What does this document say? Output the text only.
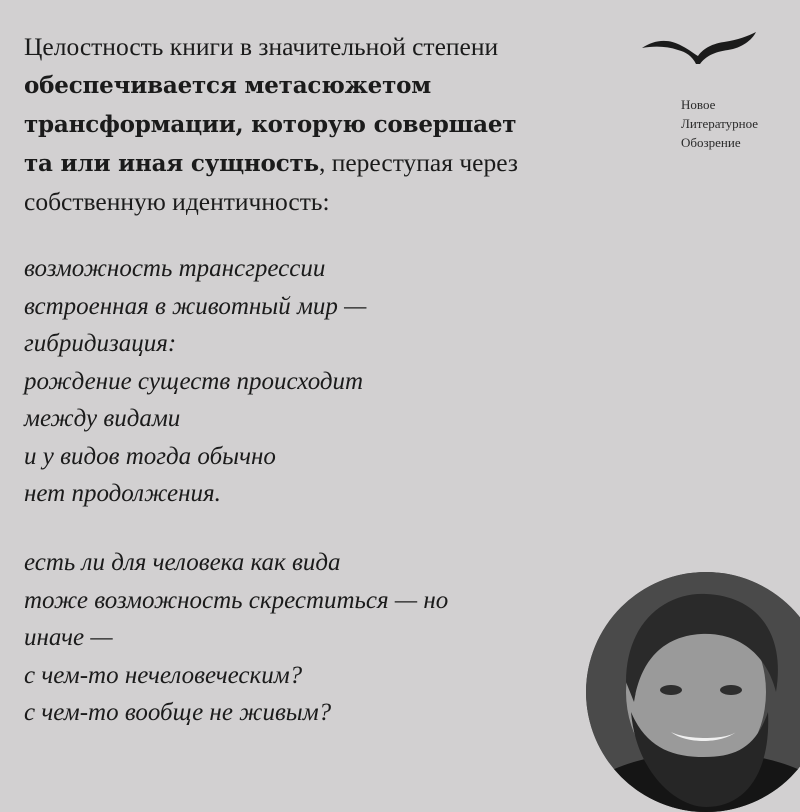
Целостность книги в значительной степени
обеспечивается метасюжетом
трансформации, которую совершает
та или иная сущность, переступая через
собственную идентичность:

возможность трансгрессии
встроенная в животный мир —
гибридизация:
рождение существ происходит
между видами
и у видов тогда обычно
нет продолжения.
есть ли для человека как вида
тоже возможность скреститься — но
иначе —
с чем-то нечеловеческим?
с чем-то вообще не живым?
Новое
Литературное
Обозрение
